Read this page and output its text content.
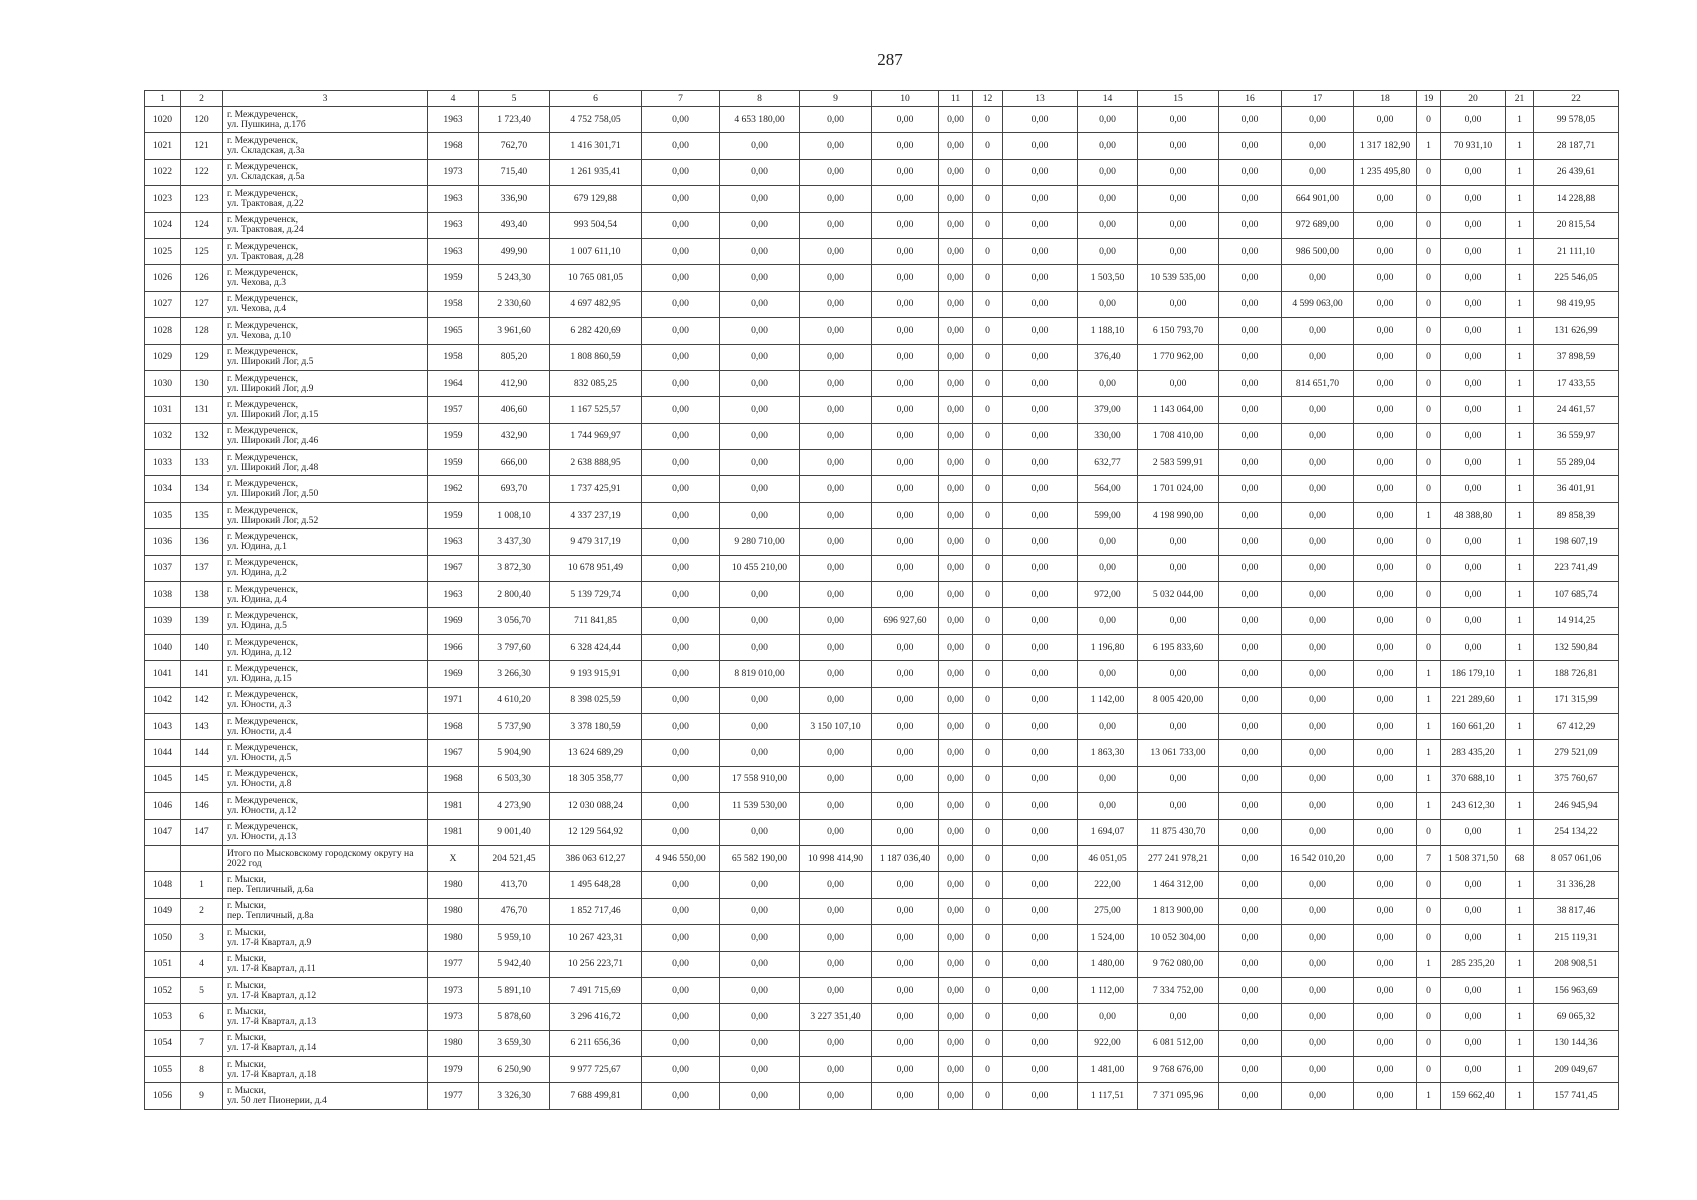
287
1	2	3	4	5	6	7	8	9	10	11	12	13	14	15	16	17	18	19	20	21	22
1020	120	г. Междуреченск,
ул. Пушкина, д.17б	1963	1 723,40	4 752 758,05	0,00	4 653 180,00	0,00	0,00	0,00	0	0,00	0,00	0,00	0,00	0,00	0,00	0	0,00	1	99 578,05
1021	121	г. Междуреченск,
ул. Складская, д.3а	1968	762,70	1 416 301,71	0,00	0,00	0,00	0,00	0,00	0	0,00	0,00	0,00	0,00	0,00	1 317 182,90	1	70 931,10	1	28 187,71
1022	122	г. Междуреченск,
ул. Складская, д.5а	1973	715,40	1 261 935,41	0,00	0,00	0,00	0,00	0,00	0	0,00	0,00	0,00	0,00	0,00	1 235 495,80	0	0,00	1	26 439,61
1023	123	г. Междуреченск,
ул. Трактовая, д.22	1963	336,90	679 129,88	0,00	0,00	0,00	0,00	0,00	0	0,00	0,00	0,00	0,00	664 901,00	0,00	0	0,00	1	14 228,88
1024	124	г. Междуреченск,
ул. Трактовая, д.24	1963	493,40	993 504,54	0,00	0,00	0,00	0,00	0,00	0	0,00	0,00	0,00	0,00	972 689,00	0,00	0	0,00	1	20 815,54
1025	125	г. Междуреченск,
ул. Трактовая, д.28	1963	499,90	1 007 611,10	0,00	0,00	0,00	0,00	0,00	0	0,00	0,00	0,00	0,00	986 500,00	0,00	0	0,00	1	21 111,10
1026	126	г. Междуреченск,
ул. Чехова, д.3	1959	5 243,30	10 765 081,05	0,00	0,00	0,00	0,00	0,00	0	0,00	1 503,50	10 539 535,00	0,00	0,00	0,00	0	0,00	1	225 546,05
1027	127	г. Междуреченск,
ул. Чехова, д.4	1958	2 330,60	4 697 482,95	0,00	0,00	0,00	0,00	0,00	0	0,00	0,00	0,00	0,00	4 599 063,00	0,00	0	0,00	1	98 419,95
1028	128	г. Междуреченск,
ул. Чехова, д.10	1965	3 961,60	6 282 420,69	0,00	0,00	0,00	0,00	0,00	0	0,00	1 188,10	6 150 793,70	0,00	0,00	0,00	0	0,00	1	131 626,99
1029	129	г. Междуреченск,
ул. Широкий Лог, д.5	1958	805,20	1 808 860,59	0,00	0,00	0,00	0,00	0,00	0	0,00	376,40	1 770 962,00	0,00	0,00	0,00	0	0,00	1	37 898,59
1030	130	г. Междуреченск,
ул. Широкий Лог, д.9	1964	412,90	832 085,25	0,00	0,00	0,00	0,00	0,00	0	0,00	0,00	0,00	0,00	814 651,70	0,00	0	0,00	1	17 433,55
1031	131	г. Междуреченск,
ул. Широкий Лог, д.15	1957	406,60	1 167 525,57	0,00	0,00	0,00	0,00	0,00	0	0,00	379,00	1 143 064,00	0,00	0,00	0,00	0	0,00	1	24 461,57
1032	132	г. Междуреченск,
ул. Широкий Лог, д.46	1959	432,90	1 744 969,97	0,00	0,00	0,00	0,00	0,00	0	0,00	330,00	1 708 410,00	0,00	0,00	0,00	0	0,00	1	36 559,97
1033	133	г. Междуреченск,
ул. Широкий Лог, д.48	1959	666,00	2 638 888,95	0,00	0,00	0,00	0,00	0,00	0	0,00	632,77	2 583 599,91	0,00	0,00	0,00	0	0,00	1	55 289,04
1034	134	г. Междуреченск,
ул. Широкий Лог, д.50	1962	693,70	1 737 425,91	0,00	0,00	0,00	0,00	0,00	0	0,00	564,00	1 701 024,00	0,00	0,00	0,00	0	0,00	1	36 401,91
1035	135	г. Междуреченск,
ул. Широкий Лог, д.52	1959	1 008,10	4 337 237,19	0,00	0,00	0,00	0,00	0,00	0	0,00	599,00	4 198 990,00	0,00	0,00	0,00	1	48 388,80	1	89 858,39
1036	136	г. Междуреченск,
ул. Юдина, д.1	1963	3 437,30	9 479 317,19	0,00	9 280 710,00	0,00	0,00	0,00	0	0,00	0,00	0,00	0,00	0,00	0,00	0	0,00	1	198 607,19
1037	137	г. Междуреченск,
ул. Юдина, д.2	1967	3 872,30	10 678 951,49	0,00	10 455 210,00	0,00	0,00	0,00	0	0,00	0,00	0,00	0,00	0,00	0,00	0	0,00	1	223 741,49
1038	138	г. Междуреченск,
ул. Юдина, д.4	1963	2 800,40	5 139 729,74	0,00	0,00	0,00	0,00	0,00	0	0,00	972,00	5 032 044,00	0,00	0,00	0,00	0	0,00	1	107 685,74
1039	139	г. Междуреченск,
ул. Юдина, д.5	1969	3 056,70	711 841,85	0,00	0,00	0,00	696 927,60	0,00	0	0,00	0,00	0,00	0,00	0,00	0,00	0	0,00	1	14 914,25
1040	140	г. Междуреченск,
ул. Юдина, д.12	1966	3 797,60	6 328 424,44	0,00	0,00	0,00	0,00	0,00	0	0,00	1 196,80	6 195 833,60	0,00	0,00	0,00	0	0,00	1	132 590,84
1041	141	г. Междуреченск,
ул. Юдина, д.15	1969	3 266,30	9 193 915,91	0,00	8 819 010,00	0,00	0,00	0,00	0	0,00	0,00	0,00	0,00	0,00	0,00	1	186 179,10	1	188 726,81
1042	142	г. Междуреченск,
ул. Юности, д.3	1971	4 610,20	8 398 025,59	0,00	0,00	0,00	0,00	0,00	0	0,00	1 142,00	8 005 420,00	0,00	0,00	0,00	1	221 289,60	1	171 315,99
1043	143	г. Междуреченск,
ул. Юности, д.4	1968	5 737,90	3 378 180,59	0,00	0,00	3 150 107,10	0,00	0,00	0	0,00	0,00	0,00	0,00	0,00	0,00	1	160 661,20	1	67 412,29
1044	144	г. Междуреченск,
ул. Юности, д.5	1967	5 904,90	13 624 689,29	0,00	0,00	0,00	0,00	0,00	0	0,00	1 863,30	13 061 733,00	0,00	0,00	0,00	1	283 435,20	1	279 521,09
1045	145	г. Междуреченск,
ул. Юности, д.8	1968	6 503,30	18 305 358,77	0,00	17 558 910,00	0,00	0,00	0,00	0	0,00	0,00	0,00	0,00	0,00	0,00	1	370 688,10	1	375 760,67
1046	146	г. Междуреченск,
ул. Юности, д.12	1981	4 273,90	12 030 088,24	0,00	11 539 530,00	0,00	0,00	0,00	0	0,00	0,00	0,00	0,00	0,00	0,00	1	243 612,30	1	246 945,94
1047	147	г. Междуреченск,
ул. Юности, д.13	1981	9 001,40	12 129 564,92	0,00	0,00	0,00	0,00	0,00	0	0,00	1 694,07	11 875 430,70	0,00	0,00	0,00	0	0,00	1	254 134,22
		Итого по Мысковскому городскому округу на 2022 год	X	204 521,45	386 063 612,27	4 946 550,00	65 582 190,00	10 998 414,90	1 187 036,40	0,00	0	0,00	46 051,05	277 241 978,21	0,00	16 542 010,20	0,00	7	1 508 371,50	68	8 057 061,06
1048	1	г. Мыски,
пер. Тепличный, д.6а	1980	413,70	1 495 648,28	0,00	0,00	0,00	0,00	0,00	0	0,00	222,00	1 464 312,00	0,00	0,00	0,00	0	0,00	1	31 336,28
1049	2	г. Мыски,
пер. Тепличный, д.8а	1980	476,70	1 852 717,46	0,00	0,00	0,00	0,00	0,00	0	0,00	275,00	1 813 900,00	0,00	0,00	0,00	0	0,00	1	38 817,46
1050	3	г. Мыски,
ул. 17-й Квартал, д.9	1980	5 959,10	10 267 423,31	0,00	0,00	0,00	0,00	0,00	0	0,00	1 524,00	10 052 304,00	0,00	0,00	0,00	0	0,00	1	215 119,31
1051	4	г. Мыски,
ул. 17-й Квартал, д.11	1977	5 942,40	10 256 223,71	0,00	0,00	0,00	0,00	0,00	0	0,00	1 480,00	9 762 080,00	0,00	0,00	0,00	1	285 235,20	1	208 908,51
1052	5	г. Мыски,
ул. 17-й Квартал, д.12	1973	5 891,10	7 491 715,69	0,00	0,00	0,00	0,00	0,00	0	0,00	1 112,00	7 334 752,00	0,00	0,00	0,00	0	0,00	1	156 963,69
1053	6	г. Мыски,
ул. 17-й Квартал, д.13	1973	5 878,60	3 296 416,72	0,00	0,00	3 227 351,40	0,00	0,00	0	0,00	0,00	0,00	0,00	0,00	0,00	0	0,00	1	69 065,32
1054	7	г. Мыски,
ул. 17-й Квартал, д.14	1980	3 659,30	6 211 656,36	0,00	0,00	0,00	0,00	0,00	0	0,00	922,00	6 081 512,00	0,00	0,00	0,00	0	0,00	1	130 144,36
1055	8	г. Мыски,
ул. 17-й Квартал, д.18	1979	6 250,90	9 977 725,67	0,00	0,00	0,00	0,00	0,00	0	0,00	1 481,00	9 768 676,00	0,00	0,00	0,00	0	0,00	1	209 049,67
1056	9	г. Мыски,
ул. 50 лет Пионерии, д.4	1977	3 326,30	7 688 499,81	0,00	0,00	0,00	0,00	0,00	0	0,00	1 117,51	7 371 095,96	0,00	0,00	0,00	1	159 662,40	1	157 741,45
